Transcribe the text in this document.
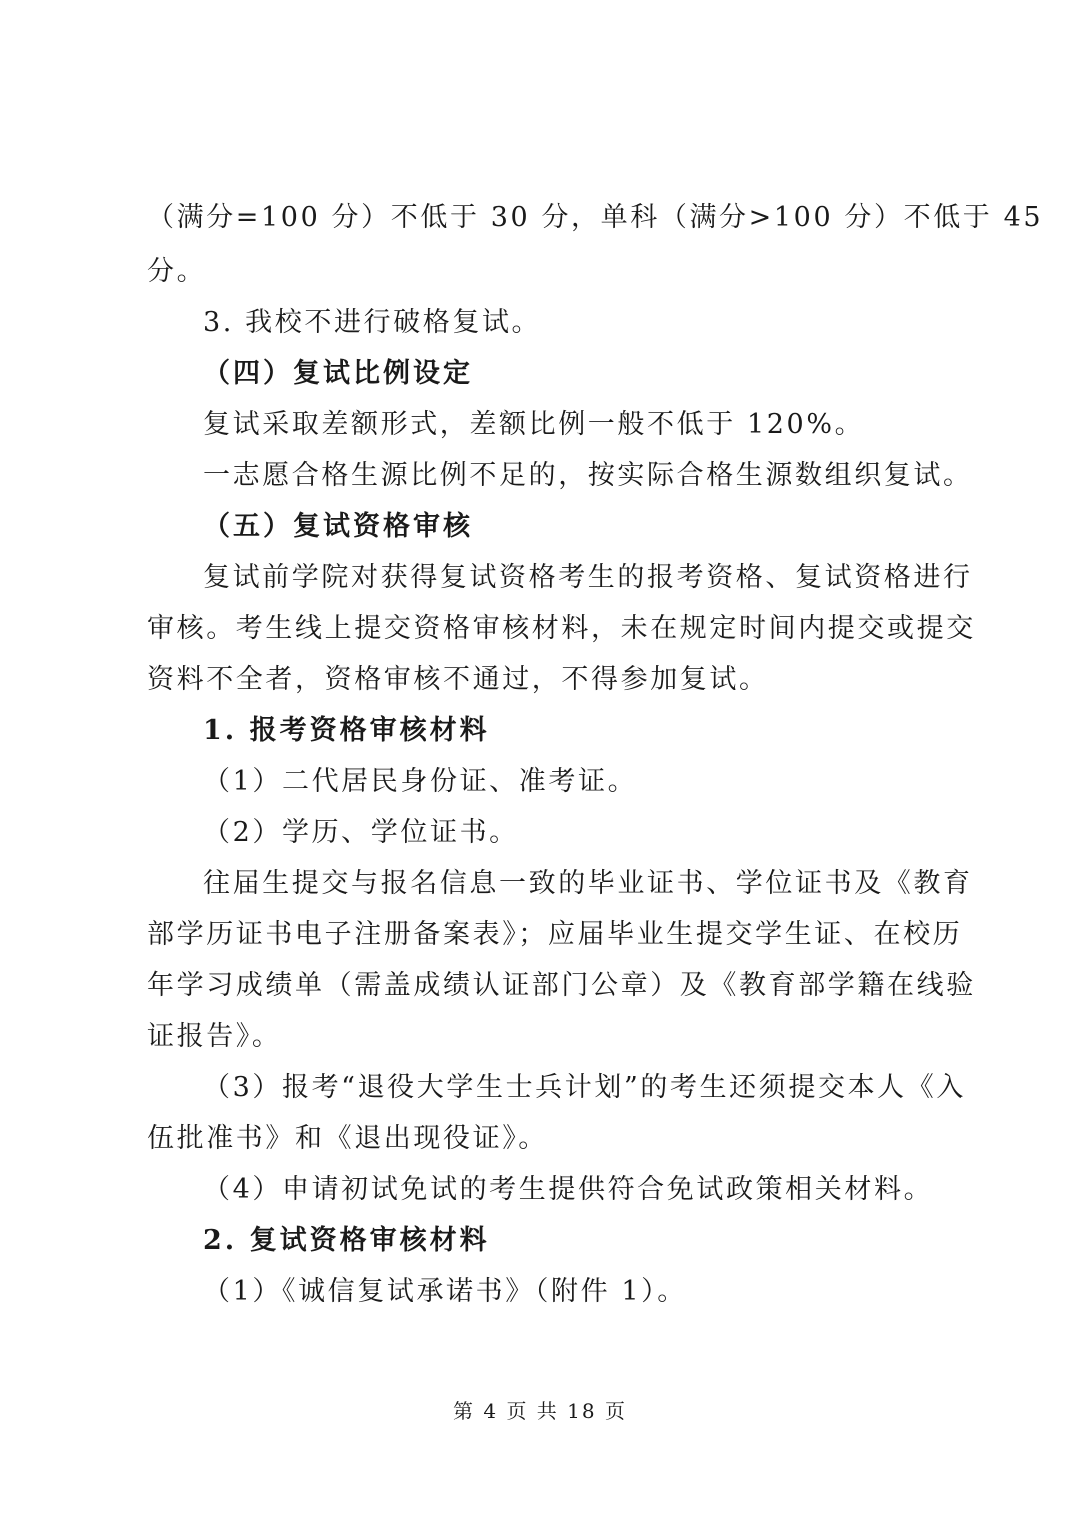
（满分=100 分）不低于 30 分，单科（满分>100 分）不低于 45
分。
3. 我校不进行破格复试。
（四）复试比例设定
复试采取差额形式，差额比例一般不低于 120%。
一志愿合格生源比例不足的，按实际合格生源数组织复试。
（五）复试资格审核
复试前学院对获得复试资格考生的报考资格、复试资格进行
审核。考生线上提交资格审核材料，未在规定时间内提交或提交
资料不全者，资格审核不通过，不得参加复试。
1. 报考资格审核材料
（1）二代居民身份证、准考证。
（2）学历、学位证书。
往届生提交与报名信息一致的毕业证书、学位证书及《教育
部学历证书电子注册备案表》；应届毕业生提交学生证、在校历
年学习成绩单（需盖成绩认证部门公章）及《教育部学籍在线验
证报告》。
（3）报考“退役大学生士兵计划”的考生还须提交本人《入
伍批准书》和《退出现役证》。
（4）申请初试免试的考生提供符合免试政策相关材料。
2. 复试资格审核材料
（1）《诚信复试承诺书》（附件 1）。
第 4 页 共 18 页
